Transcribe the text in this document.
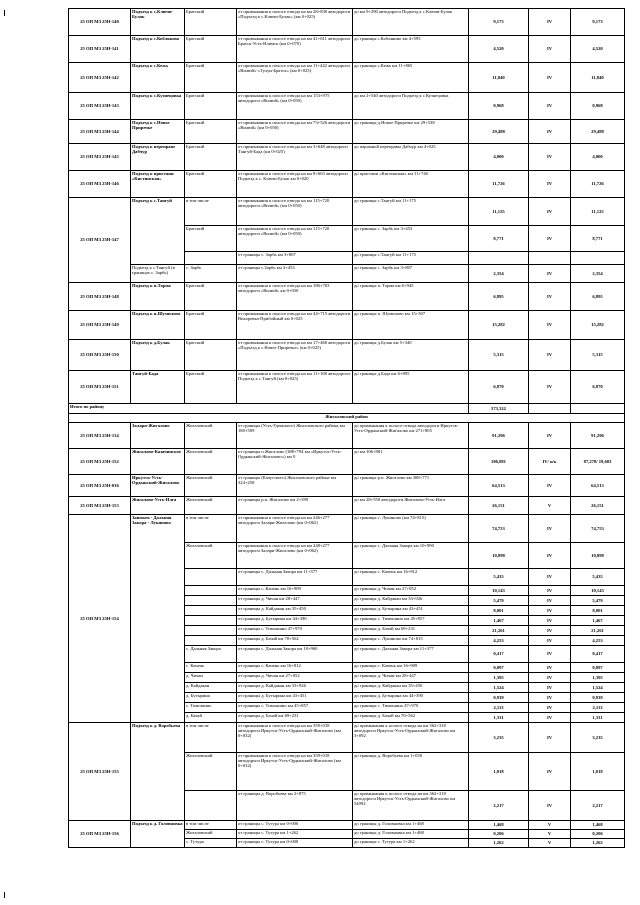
25 ОП МЗ 25Н-140	Подъезд к с.Ключи-Булак	Братский	от примыкания к полосе отвода на км 28+830 автодороги «Подъезд к с.Ключи-Булак» (км 0+025)	до км 9+290 автодороги Подъезд к с.Ключи-Булак	9,173	IV	9,173
25 ОП МЗ 25Н-141	Подъезд к с.Кобляково	Братский	от примыкания к полосе отвода на км 41+611 автодороги Братск-Усть-Илимск (км 0+070)	до границы с.Кобляково км 4+595	4,520	IV	4,520
25 ОП МЗ 25Н-142	Подъезд к с.Кежь	Братский	от примыкания к полосе отвода на км 11+442 автодороги «Вилюй»-«Тулун-Братск» (км 0+025)	до границы с.Кежь км 11+865	11,840	IV	11,840
25 ОП МЗ 25Н-143	Подъезд к с.Кузнецовка	Братский	от примыкания к полосе отвода на км 153+975 автодороги «Вилюй» (км 0+050)	до км 2+540 автодороги Подъезд к с.Кузнецовка	0,968	IV	0,968
25 ОП МЗ 25Н-144	Подъезд к с.Новое Приречье	Братский	от примыкания к полосе отвода на км 73+526 автодороги «Вилюй» (км 0+050)	до границы д.Новое Приречье км 29+538	29,488	IV	29,488
25 ОП МЗ 25Н-145	Подъезд к переправе Дабчур	Братский	от примыкания к полосе отвода на км 3+648 автодороги Тангуй-Бада (км 0+025)	до паромной переправы Дабчур км 4+025	4,000	IV	4,000
25 ОП МЗ 25Н-146	Подъезд к пристани «Кистинская»	Братский	от примыкания к полосе отвода на км 8+663 автодороги Подъезд к с. Ключи-Булак км 0+020	до пристани «Кистинская» км 11+746	11,726	IV	11,726
25 ОП МЗ 25Н-147	Подъезд к с.Тангуй	в том числе	от примыкания к полосе отвода на км 115+720 автодороги «Вилюй» (км 0+050)	до границы с.Тангуй км 11+175	11,125	IV	11,125
		Братский	от примыкания к полосе отвода на км 115+720 автодороги «Вилюй» (км 0+050)	до границы с. Зарбь км 3+453	8,771	IV	8,771
			от границы с. Зарбь км 3+807	до границы с.Тангуй км 11+175			
	Подъезд к с.Тангуй (в границах с. Зарбь)	с. Зарбь	от границы с.Зарбь км 3+453	до границы с. Зарбь км 3+807	2,354	IV	2,354
25 ОП МЗ 25Н-148	Подъезд к п.Тарма	Братский	от примыкания к полосе отвода на км 186+703 автодороги «Вилюй» км 0+050	до границы п. Тарма км 6+945	6,895	IV	6,895
25 ОП МЗ 25Н-149	Подъезд к п.Шумилово	Братский	от примыкания к полосе отвода на км 44+715 автодороги Вихоревка-Прибойный км 0+025	до границы п. Шумилово км 15+307	15,282	IV	15,282
25 ОП МЗ 25Н-150	Подъезд к д.Булак	Братский	от примыкания к полосе отвода на км 17+460 автодороги «Подъезд к с.Новое Приречье» (км 0+025)	до границы д.Булак км 5+340	5,315	IV	5,315
25 ОП МЗ 25Н-151	Тангуй-Бада	Братский	от примыкания к полосе отвода на км 11+168 автодороги Подъезд к с.Тангуй (км 0+025)	до границы д.Бада км 6+895	6,870	IV	6,870
Итого по району					573,322		
Жигаловский район							
25 ОП МЗ 25Н-134	Залари-Жигалово	Жигаловский	от границы (Усть-Удинского) Жигаловского района км 180+509	до примыкания к полосе отвода автодороги Иркутск-Усть-Ордынский-Жигалово км 271+805	91,296	IV	91,296
25 ОП МЗ 25Н-152	Жигалово-Казачинское	Жигаловский	от границы п.Жигалово (388+794 км «Иркутск-Усть-Ордынский-Жигалово») км 0	до км 106+881	106,881	IV/ н/к	87,278/ 19,603
25 ОП МЗ 25Н-036	Иркутск-Усть-Ордынский-Жигалово	Жигаловский	от границы (Качугского) Жигаловского района км 324+258	до границы р.п. Жигалово км 388+771	64,513	IV	64,513
25 ОП МЗ 25Н-153	Жигалово-Усть-Илга	Жигаловский	от границы р.п. Жигалово км 2+399	до км 28+550 автодороги Жигалово-Усть-Илга	26,151	V	26,151
25 ОП МЗ 25Н-154	Заимкея - Дальняя Закора - Лукиново	в том числе	от примыкания к полосе отвода на км 246+277 автодороги Залари-Жигалово (км 0+062)	до границы с. Лукиново (км 74+815)	74,753	IV	74,753
		Жигаловский	от примыкания к полосе отвода на км 248+277 автодороги Залари-Жигалово (км 0+062)	до границы с. Дальняя Закора км 10+990	10,898	IV	10,898
			от границы с. Дальняя Закора км 11+377	до границы с. Качень км 16+812	5,435	IV	5,435
			от границы с. Качень км 16+909	до границы д. Чичан км 27+052	10,143	IV	10,143
			от границы д. Чичан км 28+447	до границы д. Кайдакан км 33+926	5,479	IV	5,479
			от границы д. Кайдакан км 35+450	до границы д. Бутырина км 43+451	8,001	IV	8,001
			от границы д. Бутырина км 44+390	до границы с. Тимошино км 45+857	1,467	IV	1,467
			от границы с. Тимошино 47+970	до границы д. Бачай км 69+231	21,261	IV	21,261
			от границы д. Бачай км 70+562	до границы с. Лукиново км 74+815	4,253	IV	4,253
		с. Дальняя Закора	от границы с. Дальняя Закора км 10+960	до границы с. Дальняя Закора км 11+377	0,417	IV	0,417
		с. Качень	от границы с. Качень км 16+812	до границы с. Качень км 16+909	0,097	IV	0,097
		д. Чичан	от границы д. Чичан км 27+052	до границы д. Чичан км 28+447	1,395	IV	1,395
		д. Кайдакан	от границы д. Кайдакан км 33+926	до границы д. Кайдакан км 35+450	1,524	IV	1,524
		д. Бутырина	от границы д. Бутырина км 43+451	до границы д. Бутырина км 44+390	0,939	IV	0,939
		с. Тимошино	от границы с. Тимошино км 45+857	до границы с. Тимошино 47+970	2,113	IV	2,113
		д. Бачай	от границы д. Бачай км 69+231	до границы д. Бачай км 70+562	1,331	IV	1,331
25 ОП МЗ 25Н-155	Подъезд к д. Воробьева	в том числе	от примыкания к полосе отвода на км 359+018 автодороги Иркутск-Усть-Ордынский-Жигалово (км 0+032)	до примыкания к полосе отвода на км 362+318 автодороги Иркутск-Усть-Ордынский-Жигалово км 3+092	3,235	IV	3,235
		Жигаловский	от примыкания к полосе отвода на км 359+018 автодороги Иркутск-Усть-Ордынский-Жигалово (км 0+032)	до границы д. Воробьева км 1+050	1,018	IV	1,018
			от границы д. Воробьева км 2+875	до примыкания к полосе отвода на км 362+318 автодороги Иркутск-Усть-Ордынский-Жигалово км 54092	2,217	IV	2,217
25 ОП МЗ 25Н-156	Подъезд к д. Головновка	в том числе	от границы с. Тутура км 0+000	до границы д. Головновка км 1+468	1,468	V	1,468
		Жигаловский	от границы с. Тутура км 1+262	до границы д. Головновка км 1+468	0,206	V	0,206
		с. Тутура	от границы с. Тутура км 0+000	до границы с. Тутура км 1+262	1,262	V	1,262
